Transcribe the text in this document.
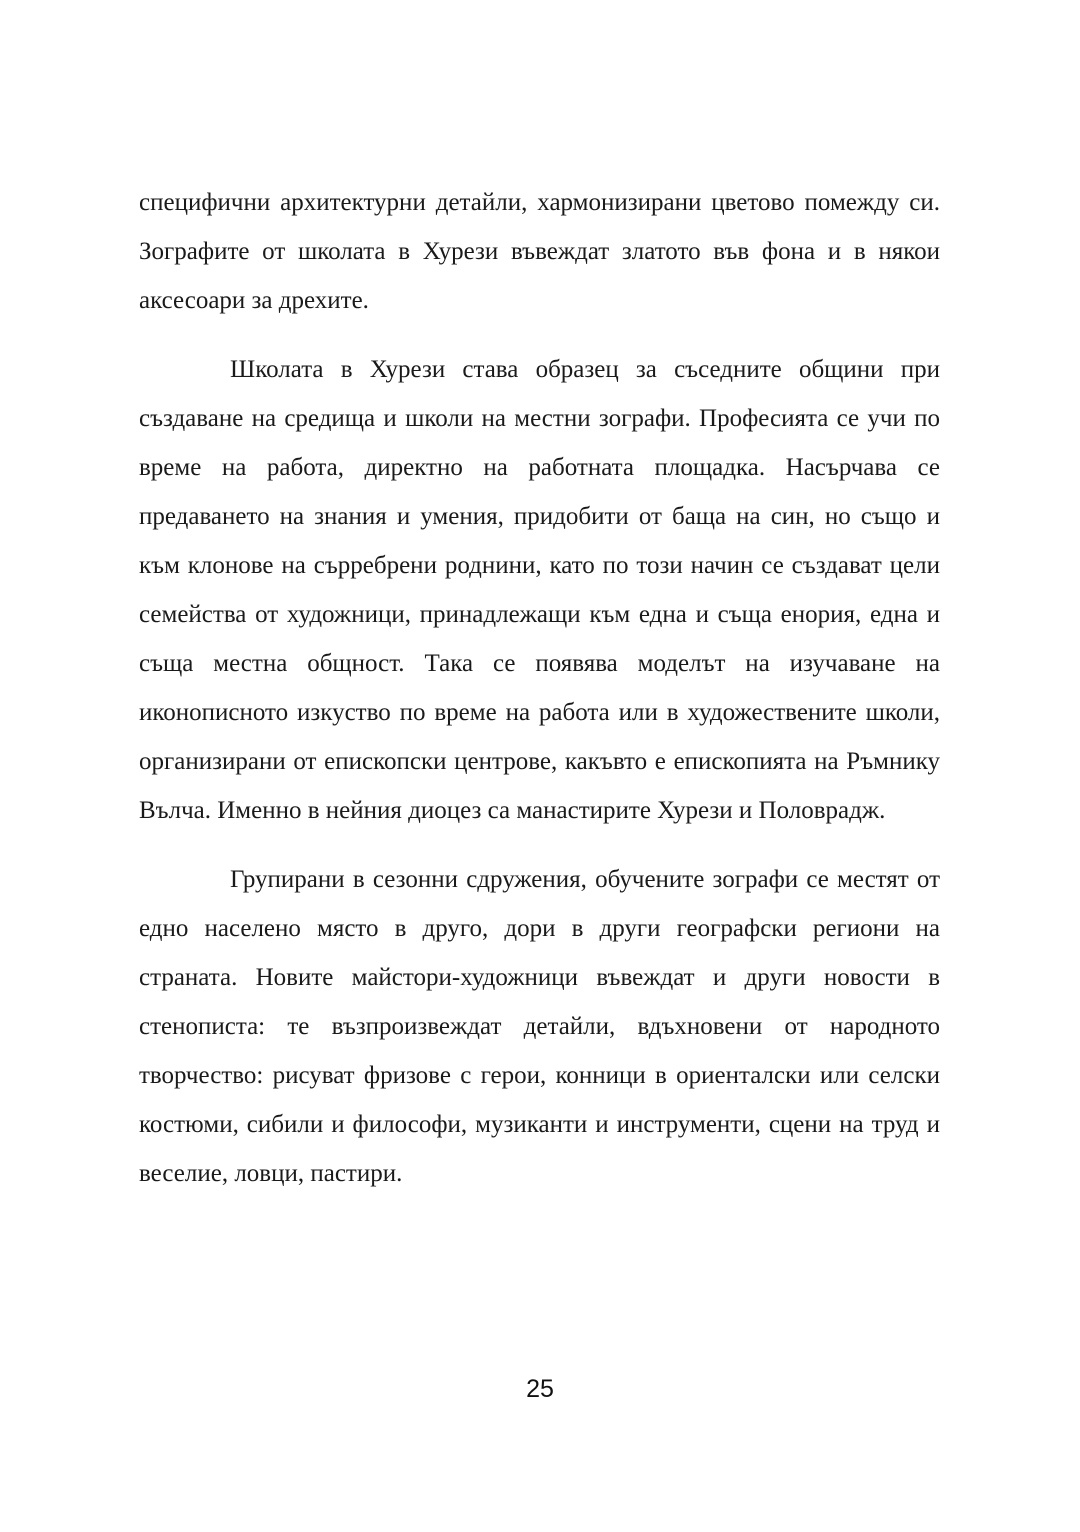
специфични архитектурни детайли, хармонизирани цветово помежду си. Зографите от школата в Хурези въвеждат златото във фона и в някои аксесоари за дрехите.

Школата в Хурези става образец за съседните общини при създаване на средища и школи на местни зографи. Професията се учи по време на работа, директно на работната площадка. Насърчава се предаването на знания и умения, придобити от баща на син, но също и към клонове на сърребрени роднини, като по този начин се създават цели семейства от художници, принадлежащи към една и съща енория, една и съща местна общност. Така се появява моделът на изучаване на иконописното изкуство по време на работа или в художествените школи, организирани от епископски центрове, какъвто е епископията на Ръмнику Вълча. Именно в нейния диоцез са манастирите Хурези и Половрадж.

Групирани в сезонни сдружения, обучените зографи се местят от едно населено място в друго, дори в други географски региони на страната. Новите майстори-художници въвеждат и други новости в стенописта: те възпроизвеждат детайли, вдъхновени от народното творчество: рисуват фризове с герои, конници в ориенталски или селски костюми, сибили и философи, музиканти и инструменти, сцени на труд и веселие, ловци, пастири.

25
